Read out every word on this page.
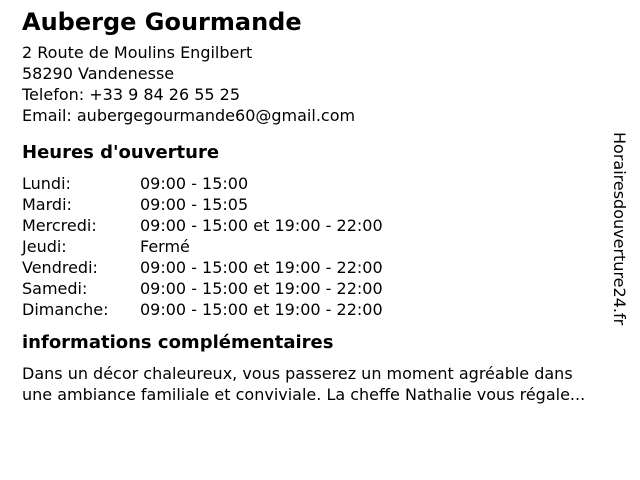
Auberge Gourmande
2 Route de Moulins Engilbert
58290 Vandenesse
Telefon: +33 9 84 26 55 25
Email: aubergegourmande60@gmail.com
Heures d'ouverture
Lundi:	09:00 - 15:00
Mardi:	09:00 - 15:05
Mercredi:	09:00 - 15:00 et 19:00 - 22:00
Jeudi:	Fermé
Vendredi:	09:00 - 15:00 et 19:00 - 22:00
Samedi:	09:00 - 15:00 et 19:00 - 22:00
Dimanche:	09:00 - 15:00 et 19:00 - 22:00
informations complémentaires

Dans un décor chaleureux, vous passerez un moment agréable dans
une ambiance familiale et conviviale. La cheffe Nathalie vous régale...

Horairesdouverture24.fr
